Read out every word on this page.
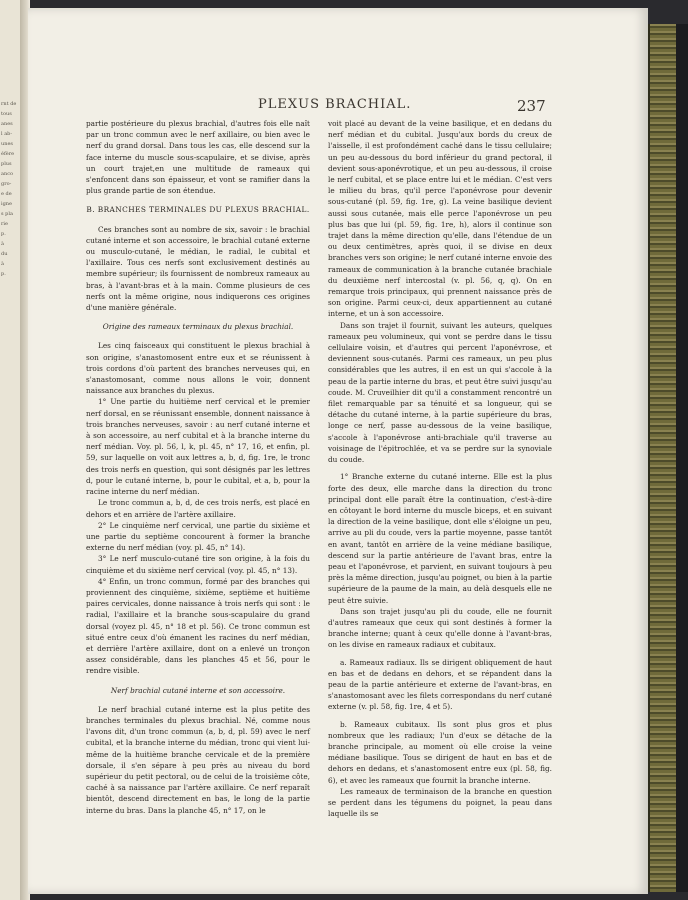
rnt de
tous
anes
l ab-
unes
éfère
plus
anco
gro-
e de
igne
s pla
rie
p.
à
du
à
p.
PLEXUS BRACHIAL.	237

partie postérieure du plexus brachial, d'autres fois elle naît par un tronc commun avec le nerf axillaire, ou bien avec le nerf du grand dorsal. Dans tous les cas, elle descend sur la face interne du muscle sous-scapulaire, et se divise, après un court trajet,en une multitude de rameaux qui s'enfoncent dans son épaisseur, et vont se ramifier dans la plus grande partie de son étendue.

B. BRANCHES TERMINALES DU PLEXUS BRACHIAL.

Ces branches sont au nombre de six, savoir : le brachial cutané interne et son accessoire, le brachial cutané externe ou musculo-cutané, le médian, le radial, le cubital et l'axillaire. Tous ces nerfs sont exclusivement destinés au membre supérieur; ils fournissent de nombreux rameaux au bras, à l'avant-bras et à la main. Comme plusieurs de ces nerfs ont la même origine, nous indiquerons ces origines d'une manière générale.

Origine des rameaux terminaux du plexus brachial.

Les cinq faisceaux qui constituent le plexus brachial à son origine, s'anastomosent entre eux et se réunissent à trois cordons d'où partent des branches nerveuses qui, en s'anastomosant, comme nous allons le voir, donnent naissance aux branches du plexus.

1° Une partie du huitième nerf cervical et le premier nerf dorsal, en se réunissant ensemble, donnent naissance à trois branches nerveuses, savoir : au nerf cutané interne et à son accessoire, au nerf cubital et à la branche interne du nerf médian. Voy. pl. 56, l, k, pl. 45, n° 17, 16, et enfin, pl. 59, sur laquelle on voit aux lettres a, b, d, fig. 1re, le tronc des trois nerfs en question, qui sont désignés par les lettres d, pour le cutané interne, b, pour le cubital, et a, b, pour la racine interne du nerf médian.

Le tronc commun a, b, d, de ces trois nerfs, est placé en dehors et en arrière de l'artère axillaire.

2° Le cinquième nerf cervical, une partie du sixième et une partie du septième concourent à former la branche externe du nerf médian (voy. pl. 45, n° 14).

3° Le nerf musculo-cutané tire son origine, à la fois du cinquième et du sixième nerf cervical (voy. pl. 45, n° 13).

4° Enfin, un tronc commun, formé par des branches qui proviennent des cinquième, sixième, septième et huitième paires cervicales, donne naissance à trois nerfs qui sont : le radial, l'axillaire et la branche sous-scapulaire du grand dorsal (voyez pl. 45, n° 18 et pl. 56). Ce tronc commun est situé entre ceux d'où émanent les racines du nerf médian, et derrière l'artère axillaire, dont on a enlevé un tronçon assez considérable, dans les planches 45 et 56, pour le rendre visible.

Nerf brachial cutané interne et son accessoire.

Le nerf brachial cutané interne est la plus petite des branches terminales du plexus brachial. Né, comme nous l'avons dit, d'un tronc commun (a, b, d, pl. 59) avec le nerf cubital, et la branche interne du médian, tronc qui vient lui-même de la huitième branche cervicale et de la première dorsale, il s'en sépare à peu près au niveau du bord supérieur du petit pectoral, ou de celui de la troisième côte, caché à sa naissance par l'artère axillaire. Ce nerf reparaît bientôt, descend directement en bas, le long de la partie interne du bras. Dans la planche 45, n° 17, on le

voit placé au devant de la veine basilique, et en dedans du nerf médian et du cubital. Jusqu'aux bords du creux de l'aisselle, il est profondément caché dans le tissu cellulaire; un peu au-dessous du bord inférieur du grand pectoral, il devient sous-aponévrotique, et un peu au-dessous, il croise le nerf cubital, et se place entre lui et le médian. C'est vers le milieu du bras, qu'il perce l'aponévrose pour devenir sous-cutané (pl. 59, fig. 1re, g). La veine basilique devient aussi sous cutanée, mais elle perce l'aponévrose un peu plus bas que lui (pl. 59, fig. 1re, h), alors il continue son trajet dans la même direction qu'elle, dans l'étendue de un ou deux centimètres, après quoi, il se divise en deux branches vers son origine; le nerf cutané interne envoie des rameaux de communication à la branche cutanée brachiale du deuxième nerf intercostal (v. pl. 56, q, q). On en remarque trois principaux, qui prennent naissance près de son origine. Parmi ceux-ci, deux appartiennent au cutané interne, et un à son accessoire.

Dans son trajet il fournit, suivant les auteurs, quelques rameaux peu volumineux, qui vont se perdre dans le tissu cellulaire voisin, et d'autres qui percent l'aponévrose, et deviennent sous-cutanés. Parmi ces rameaux, un peu plus considérables que les autres, il en est un qui s'accole à la peau de la partie interne du bras, et peut être suivi jusqu'au coude. M. Cruveilhier dit qu'il a constamment rencontré un filet remarquable par sa ténuité et sa longueur, qui se détache du cutané interne, à la partie supérieure du bras, longe ce nerf, passe au-dessous de la veine basilique, s'accole à l'aponévrose anti-brachiale qu'il traverse au voisinage de l'épitrochlée, et va se perdre sur la synoviale du coude.

1° Branche externe du cutané interne. Elle est la plus forte des deux, elle marche dans la direction du tronc principal dont elle paraît être la continuation, c'est-à-dire en côtoyant le bord interne du muscle biceps, et en suivant la direction de la veine basilique, dont elle s'éloigne un peu, arrive au pli du coude, vers la partie moyenne, passe tantôt en avant, tantôt en arrière de la veine médiane basilique, descend sur la partie antérieure de l'avant bras, entre la peau et l'aponévrose, et parvient, en suivant toujours à peu près la même direction, jusqu'au poignet, ou bien à la partie supérieure de la paume de la main, au delà desquels elle ne peut être suivie.

Dans son trajet jusqu'au pli du coude, elle ne fournit d'autres rameaux que ceux qui sont destinés à former la branche interne; quant à ceux qu'elle donne à l'avant-bras, on les divise en rameaux radiaux et cubitaux.

a. Rameaux radiaux. Ils se dirigent obliquement de haut en bas et de dedans en dehors, et se répandent dans la peau de la partie antérieure et externe de l'avant-bras, en s'anastomosant avec les filets correspondans du nerf cutané externe (v. pl. 58, fig. 1re, 4 et 5).

b. Rameaux cubitaux. Ils sont plus gros et plus nombreux que les radiaux; l'un d'eux se détache de la branche principale, au moment où elle croise la veine médiane basilique. Tous se dirigent de haut en bas et de dehors en dedans, et s'anastomosent entre eux (pl. 58, fig. 6), et avec les rameaux que fournit la branche interne.

Les rameaux de terminaison de la branche en question se perdent dans les tégumens du poignet, la peau dans laquelle ils se
